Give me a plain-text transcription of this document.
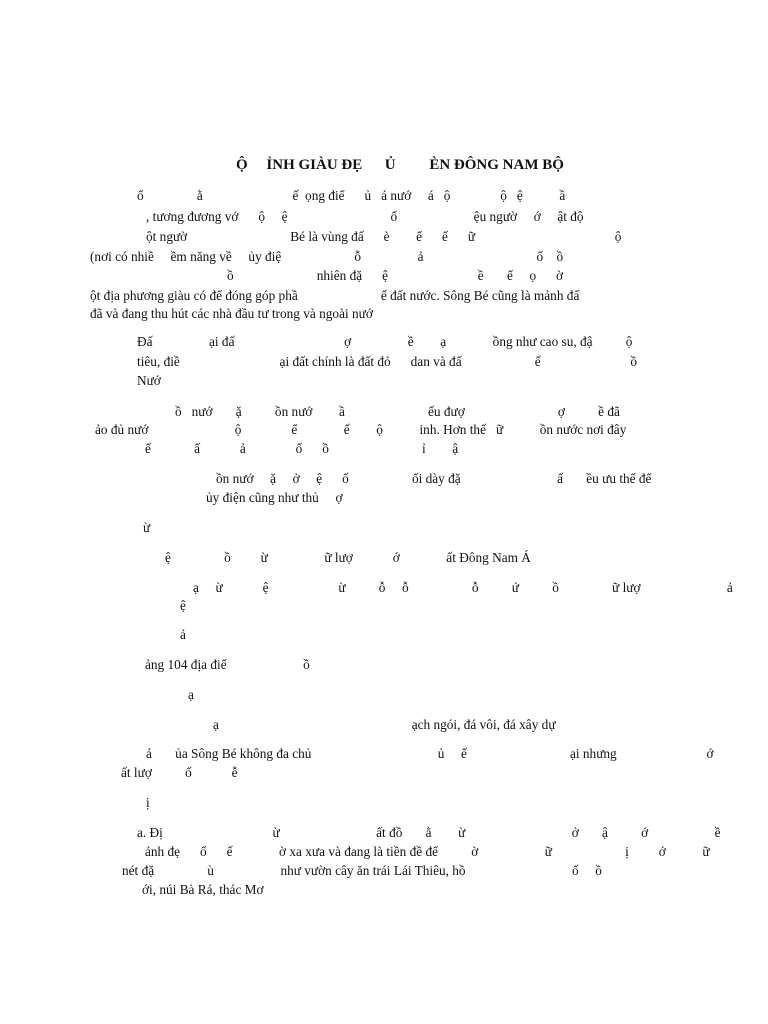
Ộ     ỈNH GIÀU ĐẸ      Ủ         ÈN ĐÔNG NAM BỘ
ổ                ằ                           ế  ọng điể      ủ   á nướ     á   ộ               ộ   ệ           ầ
, tương đương vớ      ộ     ệ                               ố                       ệu ngườ     ớ     ật độ
ột ngườ                               Bé là vùng đấ      è        ể      ế      ữ                                          ộ
(nơi có nhiề     ềm năng về     ủy điệ                      ỗ                 ả                                  ố    ồ
ồ                         nhiên đặ      ệ                           ề       ể     ọ      ờ
ột địa phương giàu có để đóng góp phầ                         ế đất nước. Sông Bé cũng là mảnh đấ
đã và đang thu hút các nhà đầu tư trong và ngoài nướ
Đấ                 ại đấ                                 ợ                 ề        ạ              ồng như cao su, đậ          ộ
tiêu, điề                              ại đất chính là đất đỏ      dan và đấ                      ế                           ồ
Nướ
ồ   nướ       ặ          ồn nướ        ầ                         ếu đượ                            ợ          ề đã
ảo đủ nướ                          ộ               ể              ế        ộ           inh. Hơn thế   ữ           ồn nước nơi đây
ế             ấ            ả               ố      ồ                            ỉ        ậ
ồn nướ     ặ     ở     ệ      ố                   ối dày đặ                             ấ       ều ưu thế để
ủy điện cũng như thủ     ợ
ừ
ệ                ồ         ừ                 ữ lượ            ớ              ất Đông Nam Á
ạ     ừ            ệ                     ừ          ỗ     ỗ                   ỗ          ứ          ồ                ữ lượ                          ả
ệ
ả
ảng 104 địa điể                       ồ
ạ
ạ                                                          ạch ngói, đá vôi, đá xây dự
ả       ủa Sông Bé không đa chủ                                      ủ     ế                               ại nhưng                           ớ
ất lượ          ố            ễ
ị
a. Đị                                 ừ                             ất đồ       ằ        ừ                                ở       ậ          ớ                    ề
ảnh đẹ      ổ      ế              ờ xa xưa và đang là tiền đề để          ờ                    ữ                      ị         ớ           ữ
nét đặ                ù                    như vườn cây ăn trái Lái Thiêu, hồ                                ố     ồ
ới, núi Bà Rá, thác Mơ
